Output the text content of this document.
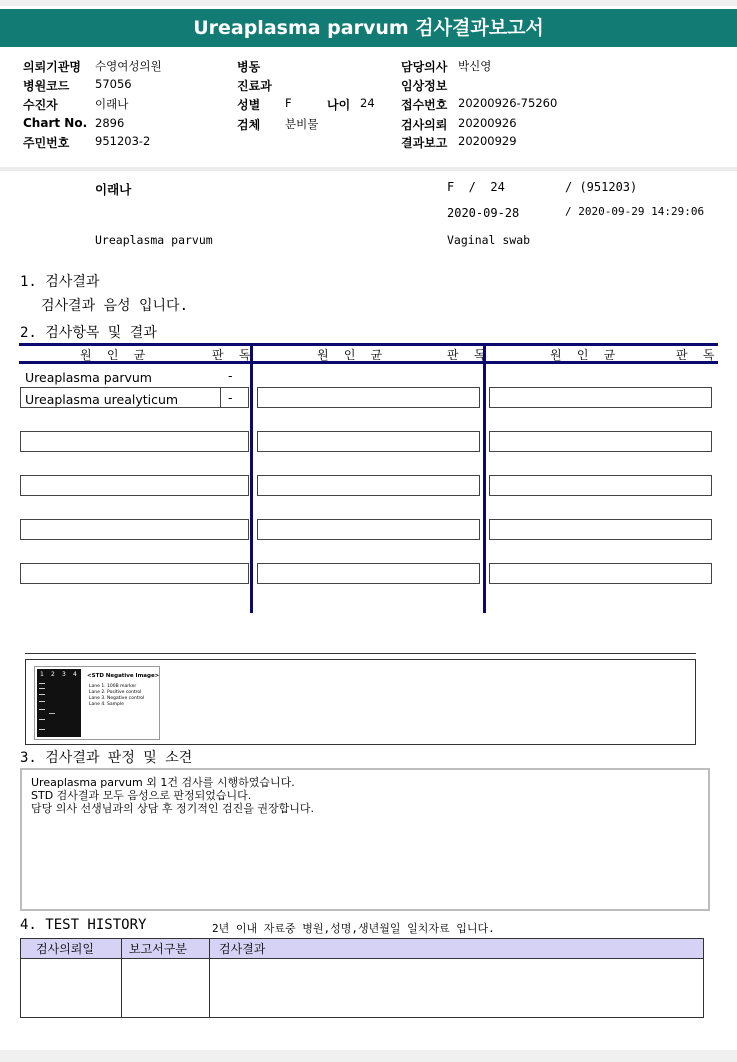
Ureaplasma parvum 검사결과보고서
의뢰기관명 수영여성의원
병원코드 57056
수진자	이래나
Chart No. 2896
주민번호 951203-2
병동
진료과
성별 F	나이 24
검체 분비물
담당의사 박신영
임상정보
접수번호 20200926-75260
검사의뢰 20200926
결과보고 20200929
이래나	F  /  24	/ (951203)
2020-09-28	/ 2020-09-29 14:29:06
Ureaplasma parvum	Vaginal swab
1. 검사결과
검사결과 음성 입니다.
2. 검사항목 및 결과
원 인 균	판 독	원 인 균	판 독	원 인 균	판 독
Ureaplasma parvum	-
Ureaplasma urealyticum	-
1 2 3 4 <STD Negative Image>
Lane 1. 100B marker
Lane 2. Positive control
Lane 3. Negative control
Lane 4. Sample
3. 검사결과 판정 및 소견
Ureaplasma parvum 외 1건 검사를 시행하였습니다.
STD 검사결과 모두 음성으로 판정되었습니다.
담당 의사 선생님과의 상담 후 정기적인 검진을 권장합니다.
4. TEST HISTORY	2년 이내 자료중 병원,성명,생년월일 일치자료 입니다.
검사의뢰일	보고서구분	검사결과
